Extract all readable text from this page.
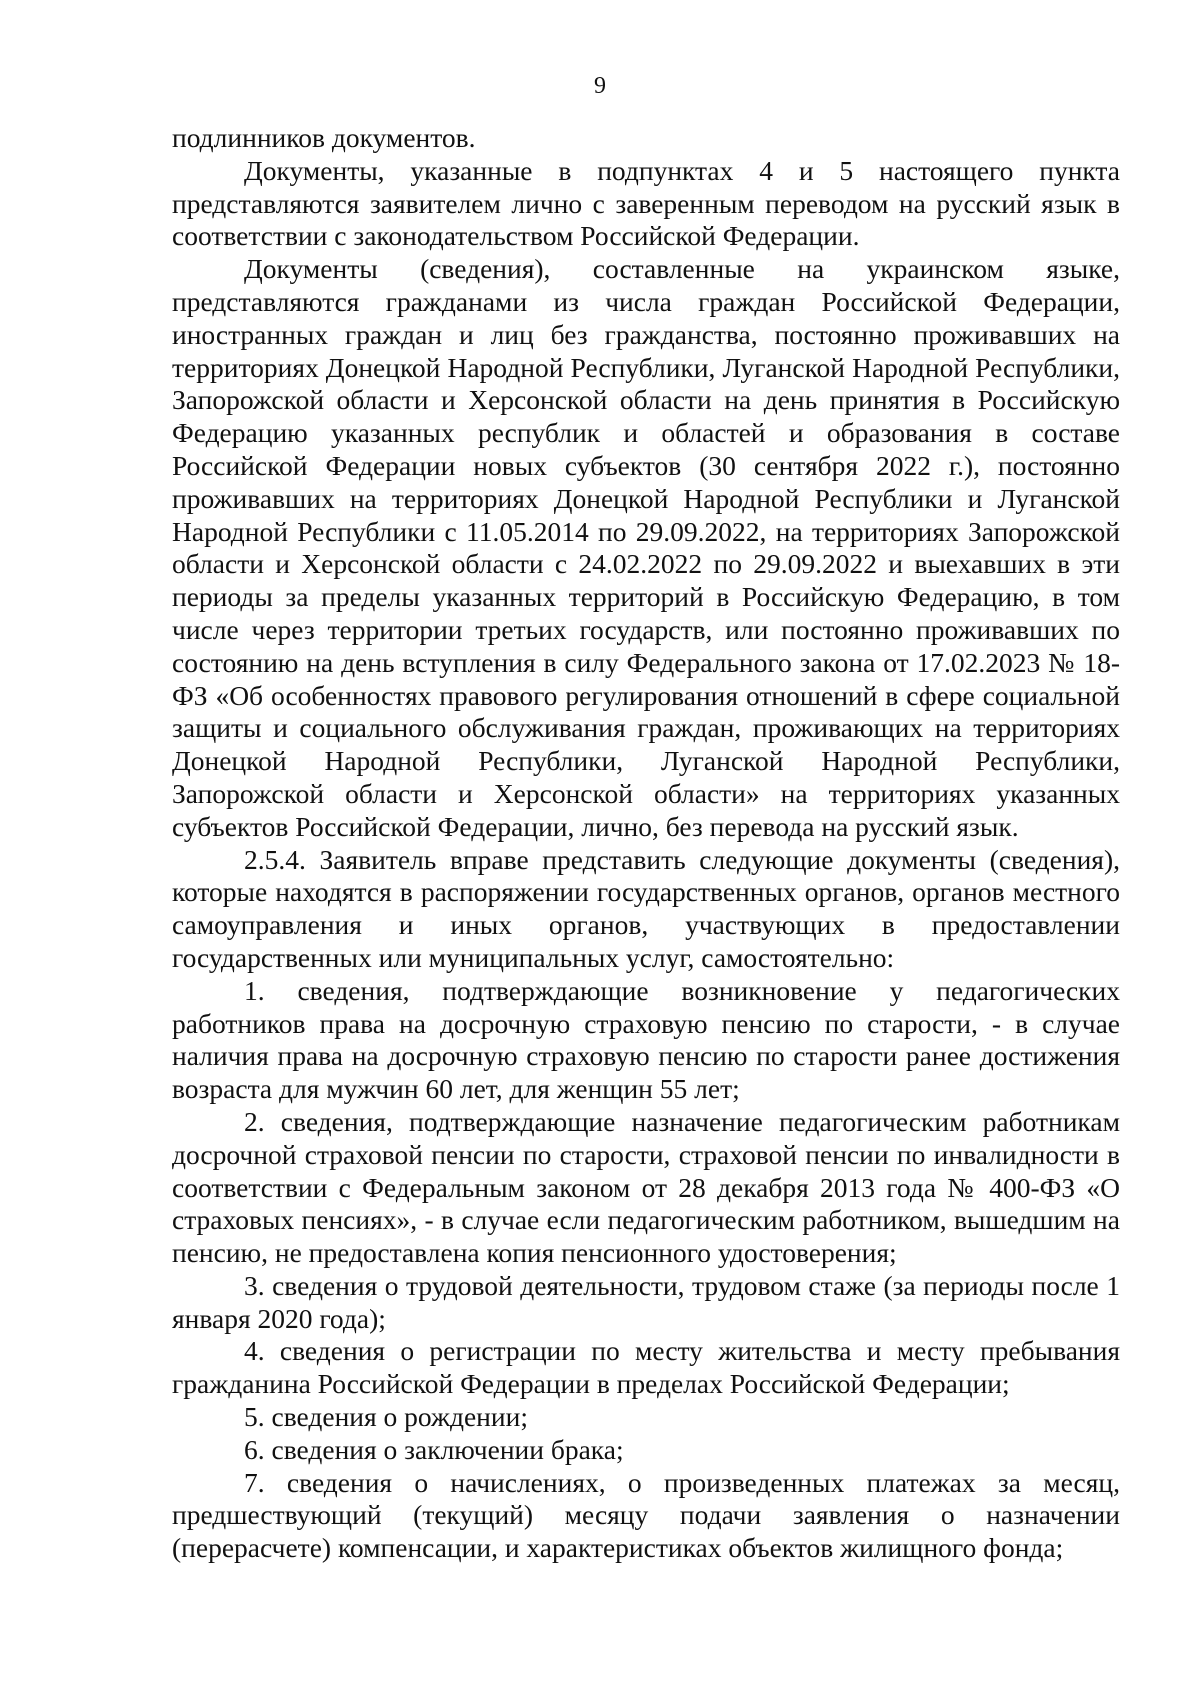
9

подлинников документов.

Документы, указанные в подпунктах 4 и 5 настоящего пункта представляются заявителем лично с заверенным переводом на русский язык в соответствии с законодательством Российской Федерации.

Документы (сведения), составленные на украинском языке, представляются гражданами из числа граждан Российской Федерации, иностранных граждан и лиц без гражданства, постоянно проживавших на территориях Донецкой Народной Республики, Луганской Народной Республики, Запорожской области и Херсонской области на день принятия в Российскую Федерацию указанных республик и областей и образования в составе Российской Федерации новых субъектов (30 сентября 2022 г.), постоянно проживавших на территориях Донецкой Народной Республики и Луганской Народной Республики с 11.05.2014 по 29.09.2022, на территориях Запорожской области и Херсонской области с 24.02.2022 по 29.09.2022 и выехавших в эти периоды за пределы указанных территорий в Российскую Федерацию, в том числе через территории третьих государств, или постоянно проживавших по состоянию на день вступления в силу Федерального закона от 17.02.2023 № 18-ФЗ «Об особенностях правового регулирования отношений в сфере социальной защиты и социального обслуживания граждан, проживающих на территориях Донецкой Народной Республики, Луганской Народной Республики, Запорожской области и Херсонской области» на территориях указанных субъектов Российской Федерации, лично, без перевода на русский язык.

2.5.4. Заявитель вправе представить следующие документы (сведения), которые находятся в распоряжении государственных органов, органов местного самоуправления и иных органов, участвующих в предоставлении государственных или муниципальных услуг, самостоятельно:

1. сведения, подтверждающие возникновение у педагогических работников права на досрочную страховую пенсию по старости, - в случае наличия права на досрочную страховую пенсию по старости ранее достижения возраста для мужчин 60 лет, для женщин 55 лет;

2. сведения, подтверждающие назначение педагогическим работникам досрочной страховой пенсии по старости, страховой пенсии по инвалидности в соответствии с Федеральным законом от 28 декабря 2013 года № 400-ФЗ «О страховых пенсиях», - в случае если педагогическим работником, вышедшим на пенсию, не предоставлена копия пенсионного удостоверения;

3. сведения о трудовой деятельности, трудовом стаже (за периоды после 1 января 2020 года);

4. сведения о регистрации по месту жительства и месту пребывания гражданина Российской Федерации в пределах Российской Федерации;

5. сведения о рождении;

6. сведения о заключении брака;

7. сведения о начислениях, о произведенных платежах за месяц, предшествующий (текущий) месяцу подачи заявления о назначении (перерасчете) компенсации, и характеристиках объектов жилищного фонда;
